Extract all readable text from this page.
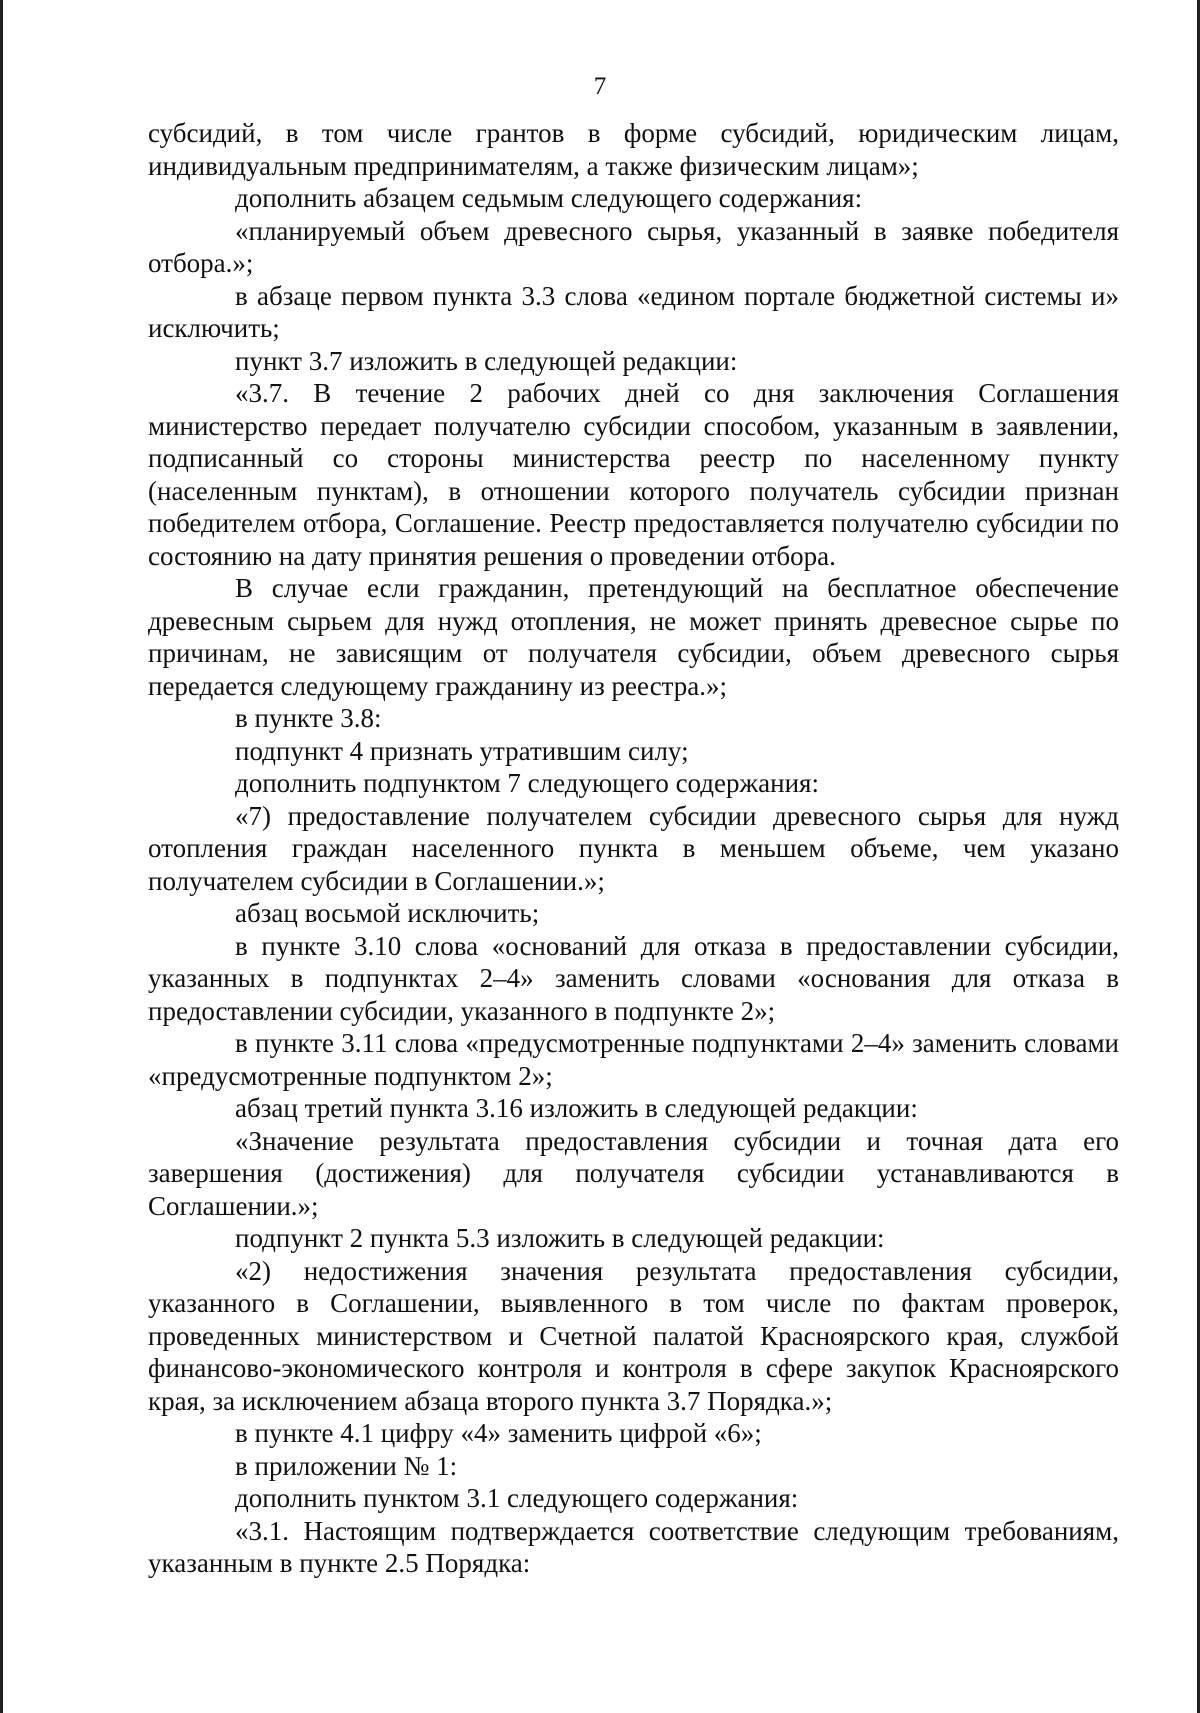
7

субсидий, в том числе грантов в форме субсидий, юридическим лицам, индивидуальным предпринимателям, а также физическим лицам»;

дополнить абзацем седьмым следующего содержания:

«планируемый объем древесного сырья, указанный в заявке победителя отбора.»;

в абзаце первом пункта 3.3 слова «едином портале бюджетной системы и» исключить;

пункт 3.7 изложить в следующей редакции:

«3.7. В течение 2 рабочих дней со дня заключения Соглашения министерство передает получателю субсидии способом, указанным в заявлении, подписанный со стороны министерства реестр по населенному пункту (населенным пунктам), в отношении которого получатель субсидии признан победителем отбора, Соглашение. Реестр предоставляется получателю субсидии по состоянию на дату принятия решения о проведении отбора.

В случае если гражданин, претендующий на бесплатное обеспечение древесным сырьем для нужд отопления, не может принять древесное сырье по причинам, не зависящим от получателя субсидии, объем древесного сырья передается следующему гражданину из реестра.»;

в пункте 3.8:

подпункт 4 признать утратившим силу;

дополнить подпунктом 7 следующего содержания:

«7) предоставление получателем субсидии древесного сырья для нужд отопления граждан населенного пункта в меньшем объеме, чем указано получателем субсидии в Соглашении.»;

абзац восьмой исключить;

в пункте 3.10 слова «оснований для отказа в предоставлении субсидии, указанных в подпунктах 2–4» заменить словами «основания для отказа в предоставлении субсидии, указанного в подпункте 2»;

в пункте 3.11 слова «предусмотренные подпунктами 2–4» заменить словами «предусмотренные подпунктом 2»;

абзац третий пункта 3.16 изложить в следующей редакции:

«Значение результата предоставления субсидии и точная дата его завершения (достижения) для получателя субсидии устанавливаются в Соглашении.»;

подпункт 2 пункта 5.3 изложить в следующей редакции:

«2) недостижения значения результата предоставления субсидии, указанного в Соглашении, выявленного в том числе по фактам проверок, проведенных министерством и Счетной палатой Красноярского края, службой финансово-экономического контроля и контроля в сфере закупок Красноярского края, за исключением абзаца второго пункта 3.7 Порядка.»;

в пункте 4.1 цифру «4» заменить цифрой «6»;

в приложении № 1:

дополнить пунктом 3.1 следующего содержания:

«3.1. Настоящим подтверждается соответствие следующим требованиям, указанным в пункте 2.5 Порядка:
